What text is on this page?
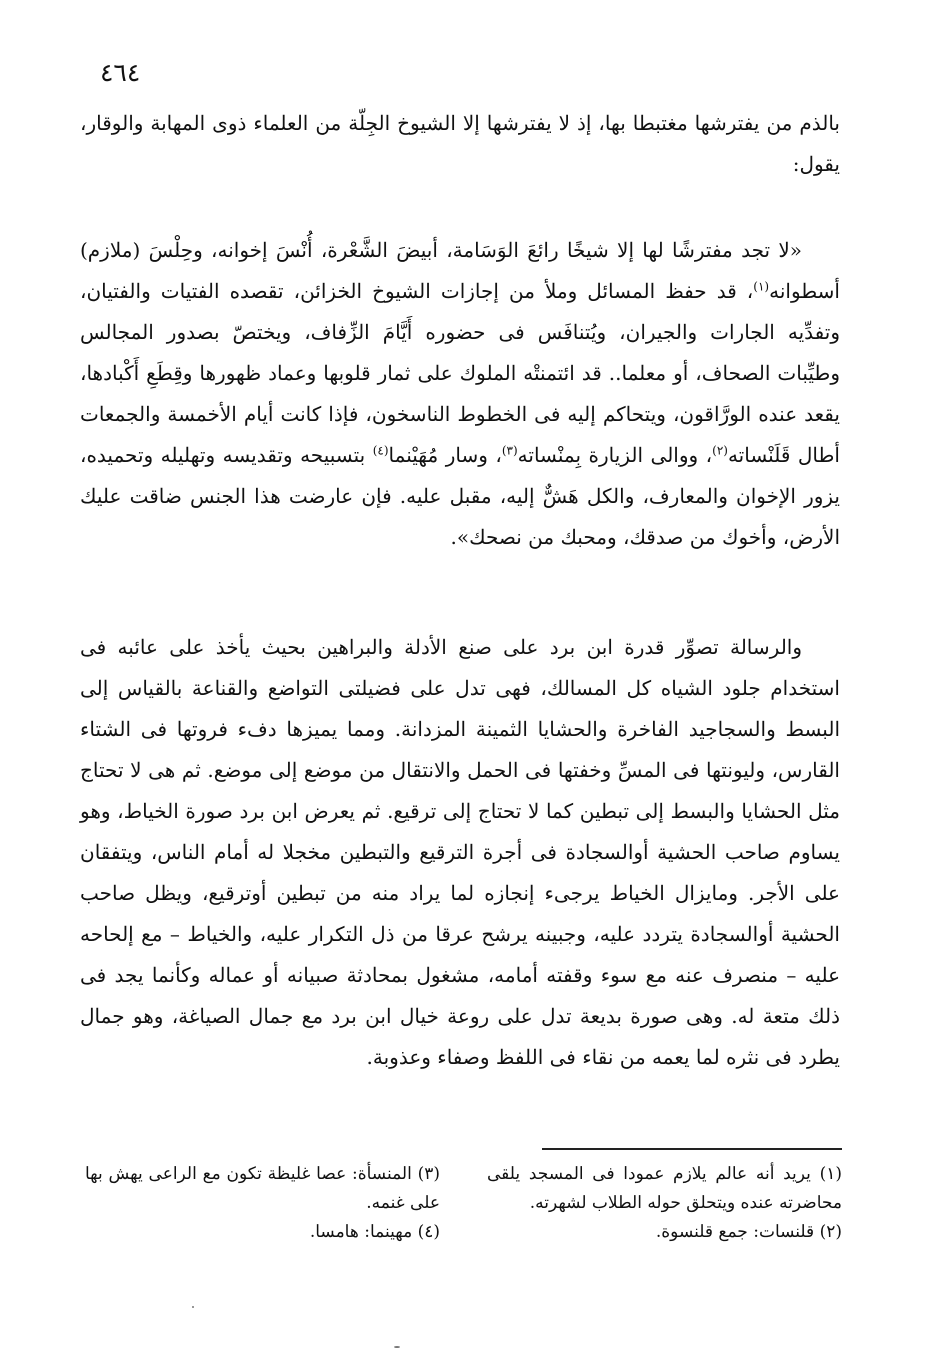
٤٦٤

بالذم من يفترشها مغتبطا بها، إذ لا يفترشها إلا الشيوخ الجِلّة من العلماء ذوى المهابة والوقار، يقول:

«لا تجد مفترشًا لها إلا شيخًا رائعَ الوَسَامة، أبيضَ الشَّعْرة، أُنْسَ إخوانه، وحِلْسَ (ملازم) أسطوانه$^{(١)}$، قد حفظ المسائل وملأ من إجازات الشيوخ الخزائن، تقصده الفتيات والفتيان، وتفدِّيه الجارات والجيران، ويُتنافَس فى حضوره أَيَّامَ الزِّفاف، ويختصّ بصدور المجالس وطيِّبات الصحاف، أو معلما.. قد ائتمنتْه الملوك على ثمار قلوبها وعماد ظهورها وقِطَعِ أَكْبادها، يقعد عنده الورَّاقون، ويتحاكم إليه فى الخطوط الناسخون، فإذا كانت أيام الأخمسة والجمعات أطال قَلَنْساته$^{(٢)}$، ووالى الزيارة بِمنْساته$^{(٣)}$، وسار مُهَيْنما$^{(٤)}$ بتسبيحه وتقديسه وتهليله وتحميده، يزور الإخوان والمعارف، والكل هَشٌّ إليه، مقبل عليه. فإن عارضت هذا الجنس ضاقت عليك الأرض، وأخوك من صدقك، ومحبك من نصحك».

والرسالة تصوِّر قدرة ابن برد على صنع الأدلة والبراهين بحيث يأخذ على عائبه فى استخدام جلود الشياه كل المسالك، فهى تدل على فضيلتى التواضع والقناعة بالقياس إلى البسط والسجاجيد الفاخرة والحشايا الثمينة المزدانة. ومما يميزها دفء فروتها فى الشتاء القارس، وليونتها فى المسِّ وخفتها فى الحمل والانتقال من موضع إلى موضع. ثم هى لا تحتاج مثل الحشايا والبسط إلى تبطين كما لا تحتاج إلى ترقيع. ثم يعرض ابن برد صورة الخياط، وهو يساوم صاحب الحشية أوالسجادة فى أجرة الترقيع والتبطين مخجلا له أمام الناس، ويتفقان على الأجر. ومايزال الخياط يرجىء إنجازه لما يراد منه من تبطين أوترقيع، ويظل صاحب الحشية أوالسجادة يتردد عليه، وجبينه يرشح عرقا من ذل التكرار عليه، والخياط – مع إلحاحه عليه – منصرف عنه مع سوء وقفته أمامه، مشغول بمحادثة صبيانه أو عماله وكأنما يجد فى ذلك متعة له. وهى صورة بديعة تدل على روعة خيال ابن برد مع جمال الصياغة، وهو جمال يطرد فى نثره لما يعمه من نقاء فى اللفظ وصفاء وعذوبة.

(١) يريد أنه عالم يلازم عمودا فى المسجد يلقى محاضرته عنده ويتحلق حوله الطلاب لشهرته.

(٢) قلنسات: جمع قلنسوة.

(٣) المنسأة: عصا غليظة تكون مع الراعى يهش بها على غنمه.

(٤) مهينما: هامسا.
